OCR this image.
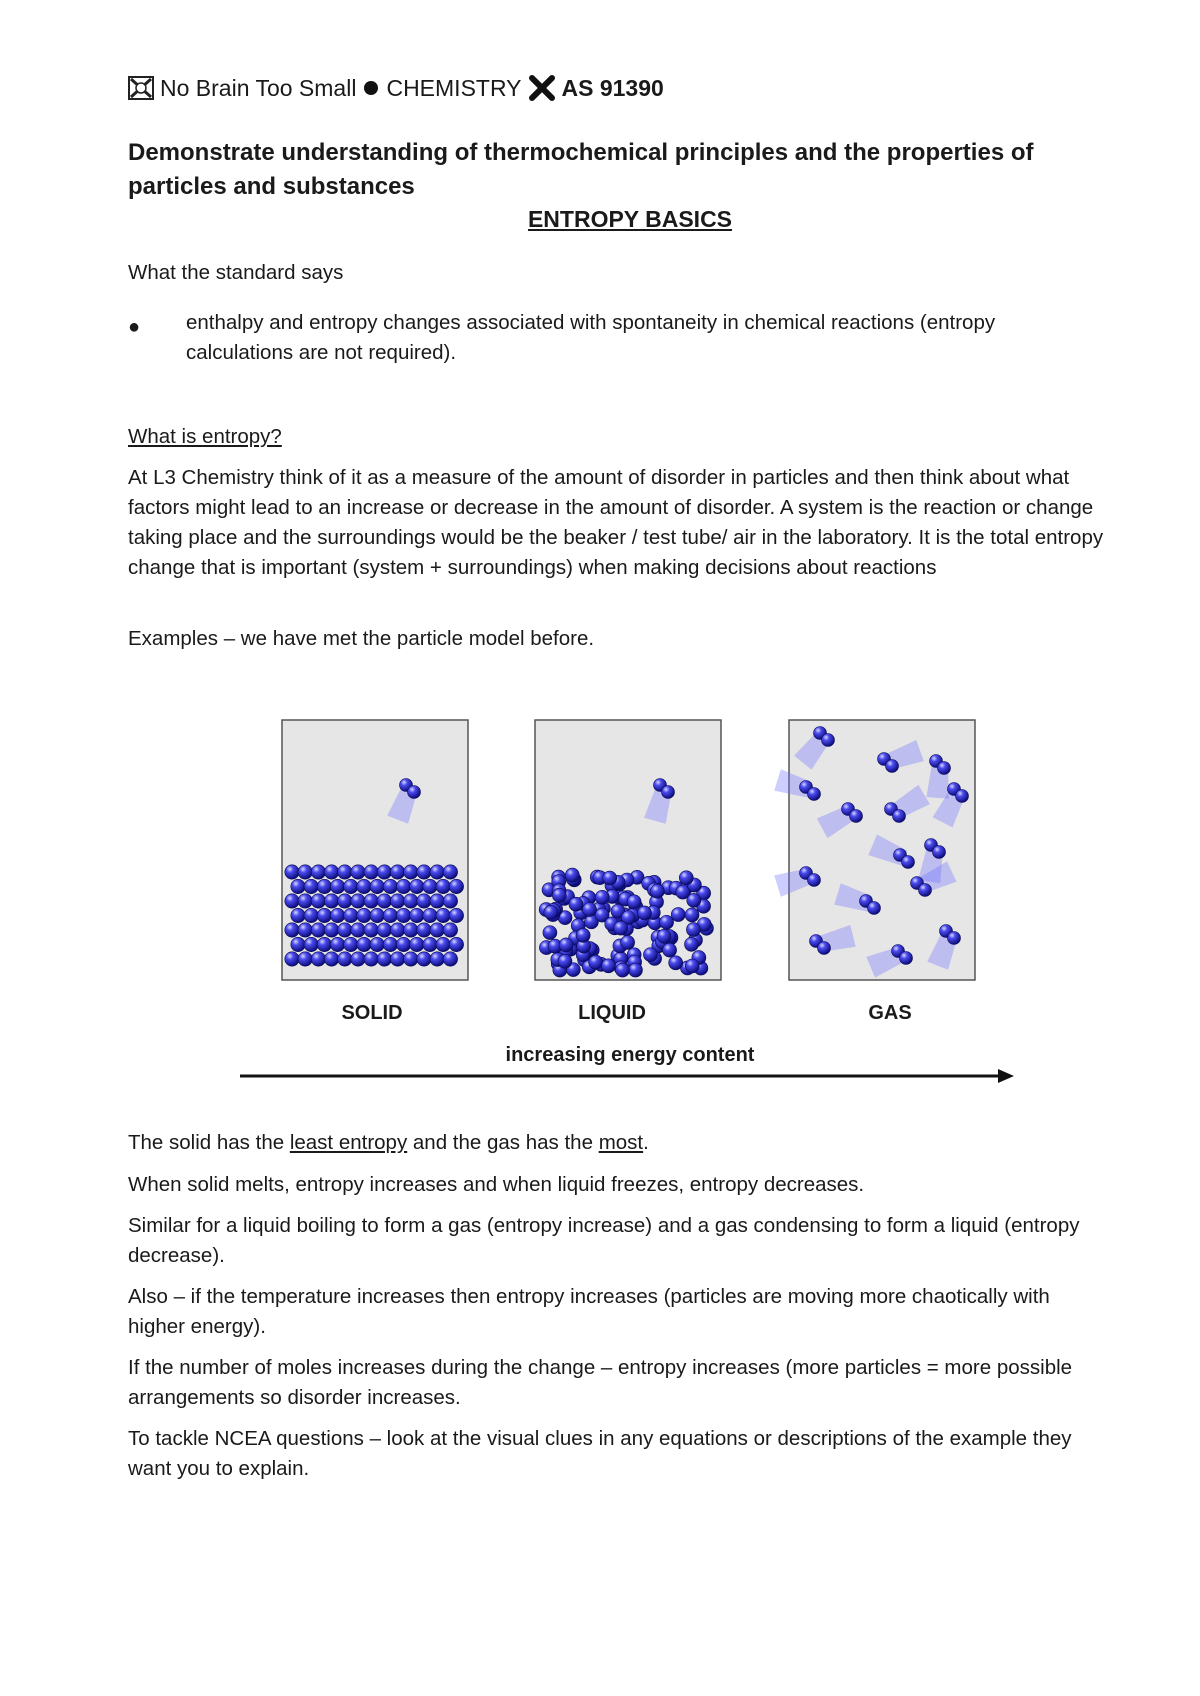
No Brain Too Small CHEMISTRY AS 91390
Demonstrate understanding of thermochemical principles and the properties of particles and substances
ENTROPY BASICS
What the standard says
● enthalpy and entropy changes associated with spontaneity in chemical reactions (entropy calculations are not required).
What is entropy?
At L3 Chemistry think of it as a measure of the amount of disorder in particles and then think about what factors might lead to an increase or decrease in the amount of disorder. A system is the reaction or change taking place and the surroundings would be the beaker / test tube/ air in the laboratory. It is the total entropy change that is important (system + surroundings) when making decisions about reactions
Examples – we have met the particle model before.
SOLID	LIQUID	GAS
increasing energy content
The solid has the least entropy and the gas has the most.
When solid melts, entropy increases and when liquid freezes, entropy decreases.
Similar for a liquid boiling to form a gas (entropy increase) and a gas condensing to form a liquid (entropy decrease).
Also – if the temperature increases then entropy increases (particles are moving more chaotically with higher energy).
If the number of moles increases during the change – entropy increases (more particles = more possible arrangements so disorder increases.
To tackle NCEA questions – look at the visual clues in any equations or descriptions of the example they want you to explain.
